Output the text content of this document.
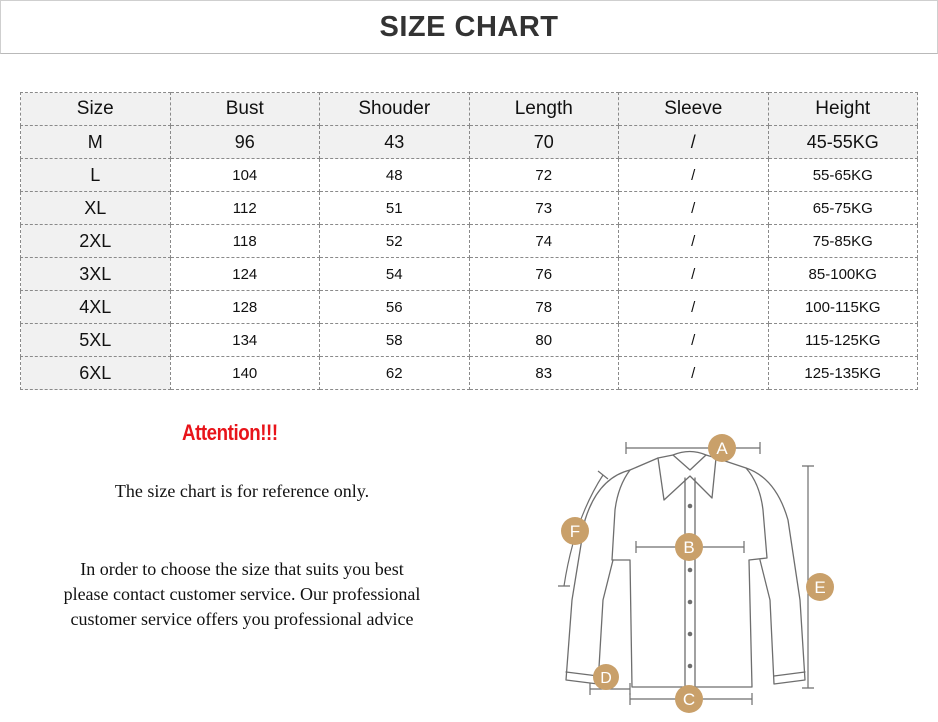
SIZE CHART
Size	Bust	Shouder	Length	Sleeve	Height
M	96	43	70	/	45-55KG
L	104	48	72	/	55-65KG
XL	112	51	73	/	65-75KG
2XL	118	52	74	/	75-85KG
3XL	124	54	76	/	85-100KG
4XL	128	56	78	/	100-115KG
5XL	134	58	80	/	115-125KG
6XL	140	62	83	/	125-135KG
Attention!!!
The size chart is for reference only.
In order to choose the size that suits you best
please contact customer service. Our professional
customer service offers you professional advice
A
B
C
D
E
F
